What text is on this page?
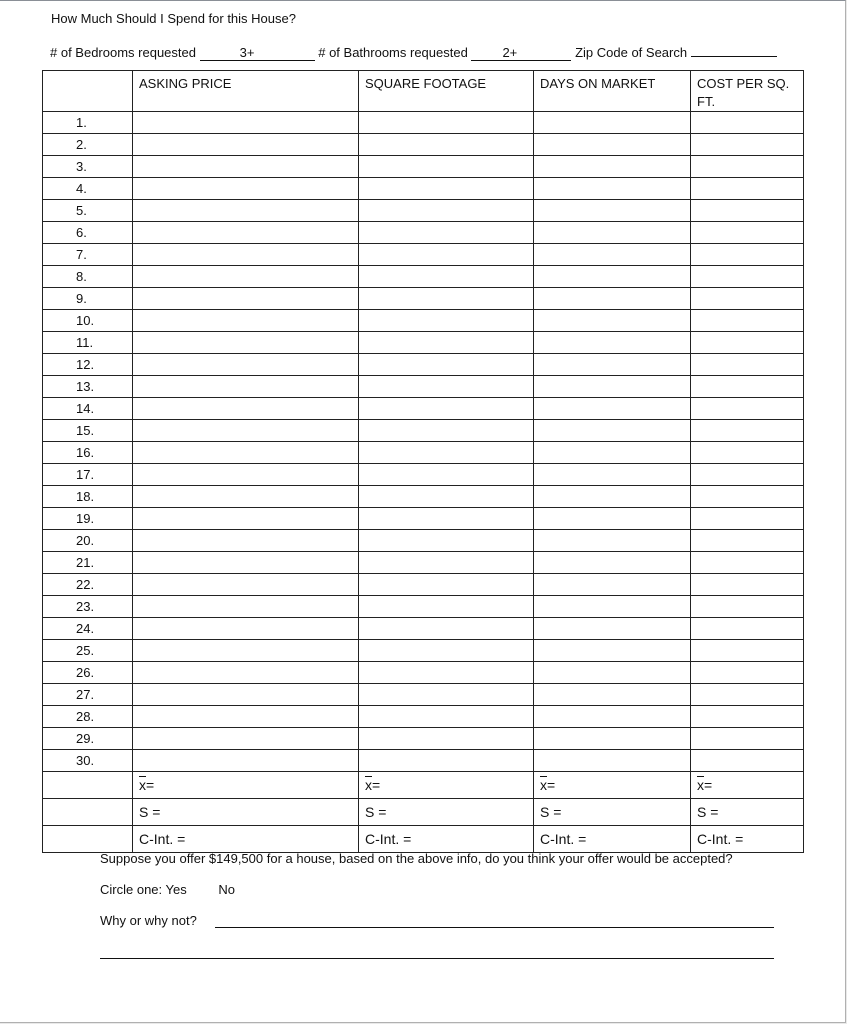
How Much Should I Spend for this House?
# of Bedrooms requested	3+	# of Bathrooms requested	2+	Zip Code of Search
	ASKING PRICE	SQUARE FOOTAGE	DAYS ON MARKET	COST PER SQ. FT.
1.				
2.				
3.				
4.				
5.				
6.				
7.				
8.				
9.				
10.				
11.				
12.				
13.				
14.				
15.				
16.				
17.				
18.				
19.				
20.				
21.				
22.				
23.				
24.				
25.				
26.				
27.				
28.				
29.				
30.				
	$\overline{x}=$	$\overline{x}=$	$\overline{x}=$	$\overline{x}=$
	S =	S =	S =	S =
	C-Int. =	C-Int. =	C-Int. =	C-Int. =
Suppose you offer $149,500 for a house, based on the above info, do you think your offer would be accepted?
Circle one: Yes No
Why or why not?
